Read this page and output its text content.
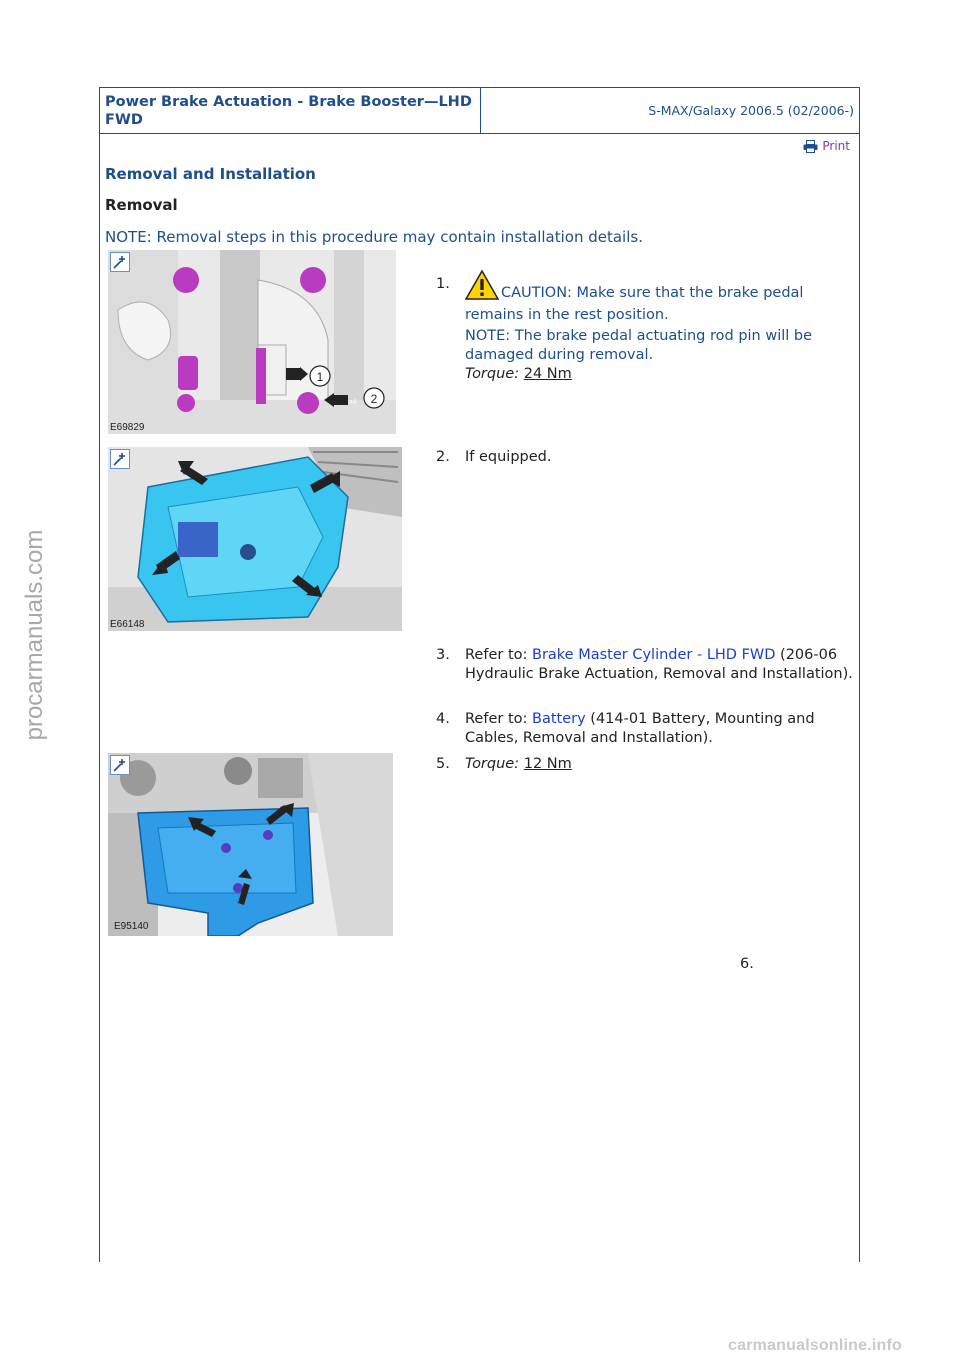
Power Brake Actuation - Brake Booster—LHD FWD
S-MAX/Galaxy 2006.5 (02/2006-)
Print
Removal and Installation
Removal
NOTE: Removal steps in this procedure may contain installation details.
1
2
x4
E69829
1.
CAUTION: Make sure that the brake pedal remains in the rest position.
NOTE: The brake pedal actuating rod pin will be damaged during removal.
Torque: 24 Nm
E66148
2. If equipped.
3. Refer to: Brake Master Cylinder - LHD FWD (206-06 Hydraulic Brake Actuation, Removal and Installation).
4. Refer to: Battery (414-01 Battery, Mounting and Cables, Removal and Installation).
E95140
5. Torque: 12 Nm
6.
procarmanuals.com
carmanualsonline.info
